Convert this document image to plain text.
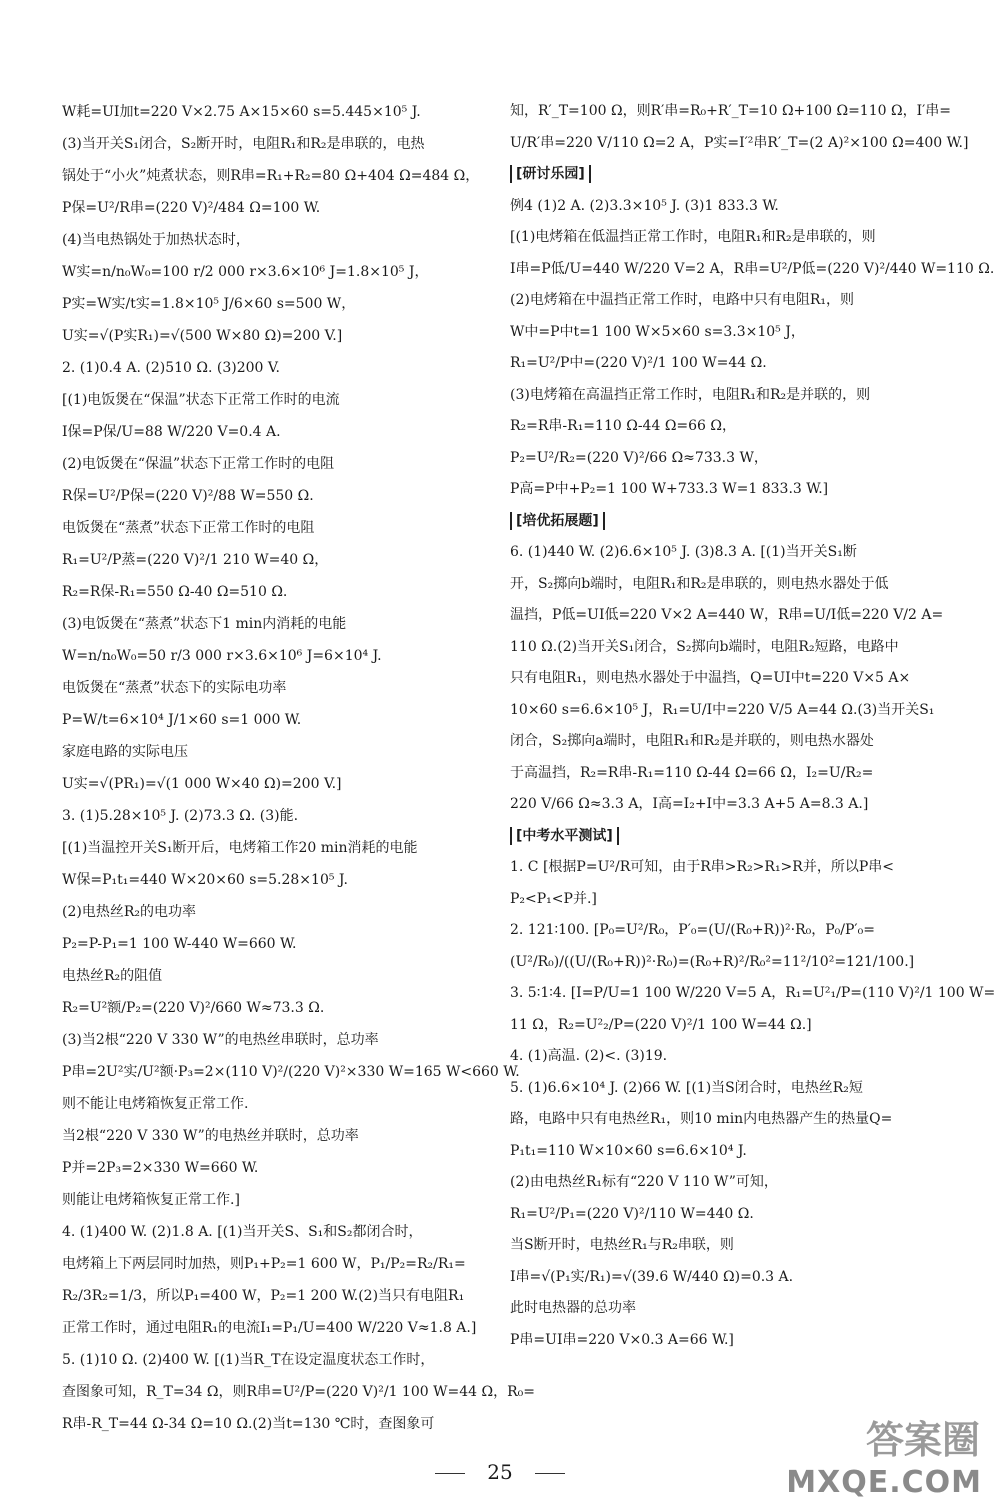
W耗=UI加t=220 V×2.75 A×15×60 s=5.445×10⁵ J.
(3)当开关S₁闭合，S₂断开时，电阻R₁和R₂是串联的，电热
锅处于“小火”炖煮状态，则R串=R₁+R₂=80 Ω+404 Ω=484 Ω，
P保=U²/R串=(220 V)²/484 Ω=100 W.
(4)当电热锅处于加热状态时，
W实=n/n₀W₀=100 r/2 000 r×3.6×10⁶ J=1.8×10⁵ J，
P实=W实/t实=1.8×10⁵ J/6×60 s=500 W，
U实=√(P实R₁)=√(500 W×80 Ω)=200 V.]
2. (1)0.4 A. (2)510 Ω. (3)200 V.
[(1)电饭煲在“保温”状态下正常工作时的电流
I保=P保/U=88 W/220 V=0.4 A.
(2)电饭煲在“保温”状态下正常工作时的电阻
R保=U²/P保=(220 V)²/88 W=550 Ω.
电饭煲在“蒸煮”状态下正常工作时的电阻
R₁=U²/P蒸=(220 V)²/1 210 W=40 Ω，
R₂=R保-R₁=550 Ω-40 Ω=510 Ω.
(3)电饭煲在“蒸煮”状态下1 min内消耗的电能
W=n/n₀W₀=50 r/3 000 r×3.6×10⁶ J=6×10⁴ J.
电饭煲在“蒸煮”状态下的实际电功率
P=W/t=6×10⁴ J/1×60 s=1 000 W.
家庭电路的实际电压
U实=√(PR₁)=√(1 000 W×40 Ω)=200 V.]
3. (1)5.28×10⁵ J. (2)73.3 Ω. (3)能.
[(1)当温控开关S₁断开后，电烤箱工作20 min消耗的电能
W保=P₁t₁=440 W×20×60 s=5.28×10⁵ J.
(2)电热丝R₂的电功率
P₂=P-P₁=1 100 W-440 W=660 W.
电热丝R₂的阻值
R₂=U²额/P₂=(220 V)²/660 W≈73.3 Ω.
(3)当2根“220 V 330 W”的电热丝串联时，总功率
P串=2U²实/U²额·P₃=2×(110 V)²/(220 V)²×330 W=165 W<660 W.
则不能让电烤箱恢复正常工作.
当2根“220 V 330 W”的电热丝并联时，总功率
P并=2P₃=2×330 W=660 W.
则能让电烤箱恢复正常工作.]
4. (1)400 W. (2)1.8 A. [(1)当开关S、S₁和S₂都闭合时，
电烤箱上下两层同时加热，则P₁+P₂=1 600 W，P₁/P₂=R₂/R₁=
R₂/3R₂=1/3，所以P₁=400 W，P₂=1 200 W.(2)当只有电阻R₁
正常工作时，通过电阻R₁的电流I₁=P₁/U=400 W/220 V≈1.8 A.]
5. (1)10 Ω. (2)400 W. [(1)当R_T在设定温度状态工作时，
查图象可知，R_T=34 Ω，则R串=U²/P=(220 V)²/1 100 W=44 Ω，R₀=
R串-R_T=44 Ω-34 Ω=10 Ω.(2)当t=130 ℃时，查图象可
知，R′_T=100 Ω，则R′串=R₀+R′_T=10 Ω+100 Ω=110 Ω，I′串=
U/R′串=220 V/110 Ω=2 A，P实=I′²串R′_T=(2 A)²×100 Ω=400 W.]
[研讨乐园]
例4 (1)2 A. (2)3.3×10⁵ J. (3)1 833.3 W.
[(1)电烤箱在低温挡正常工作时，电阻R₁和R₂是串联的，则
I串=P低/U=440 W/220 V=2 A，R串=U²/P低=(220 V)²/440 W=110 Ω.
(2)电烤箱在中温挡正常工作时，电路中只有电阻R₁，则
W中=P中t=1 100 W×5×60 s=3.3×10⁵ J，
R₁=U²/P中=(220 V)²/1 100 W=44 Ω.
(3)电烤箱在高温挡正常工作时，电阻R₁和R₂是并联的，则
R₂=R串-R₁=110 Ω-44 Ω=66 Ω，
P₂=U²/R₂=(220 V)²/66 Ω≈733.3 W，
P高=P中+P₂=1 100 W+733.3 W=1 833.3 W.]
[培优拓展题]
6. (1)440 W. (2)6.6×10⁵ J. (3)8.3 A. [(1)当开关S₁断
开，S₂掷向b端时，电阻R₁和R₂是串联的，则电热水器处于低
温挡，P低=UI低=220 V×2 A=440 W，R串=U/I低=220 V/2 A=
110 Ω.(2)当开关S₁闭合，S₂掷向b端时，电阻R₂短路，电路中
只有电阻R₁，则电热水器处于中温挡，Q=UI中t=220 V×5 A×
10×60 s=6.6×10⁵ J，R₁=U/I中=220 V/5 A=44 Ω.(3)当开关S₁
闭合，S₂掷向a端时，电阻R₁和R₂是并联的，则电热水器处
于高温挡，R₂=R串-R₁=110 Ω-44 Ω=66 Ω，I₂=U/R₂=
220 V/66 Ω≈3.3 A，I高=I₂+I中=3.3 A+5 A=8.3 A.]
[中考水平测试]
1. C [根据P=U²/R可知，由于R串>R₂>R₁>R并，所以P串<
P₂<P₁<P并.]
2. 121∶100. [P₀=U²/R₀，P′₀=(U/(R₀+R))²·R₀，P₀/P′₀=
(U²/R₀)/((U/(R₀+R))²·R₀)=(R₀+R)²/R₀²=11²/10²=121/100.]
3. 5∶1∶4. [I=P/U=1 100 W/220 V=5 A，R₁=U²₁/P=(110 V)²/1 100 W=
11 Ω，R₂=U²₂/P=(220 V)²/1 100 W=44 Ω.]
4. (1)高温. (2)<. (3)19.
5. (1)6.6×10⁴ J. (2)66 W. [(1)当S闭合时，电热丝R₂短
路，电路中只有电热丝R₁，则10 min内电热器产生的热量Q=
P₁t₁=110 W×10×60 s=6.6×10⁴ J.
(2)由电热丝R₁标有“220 V 110 W”可知，
R₁=U²/P₁=(220 V)²/110 W=440 Ω.
当S断开时，电热丝R₁与R₂串联，则
I串=√(P₁实/R₁)=√(39.6 W/440 Ω)=0.3 A.
此时电热器的总功率
P串=UI串=220 V×0.3 A=66 W.]
25
答案圈
MXQE.COM
